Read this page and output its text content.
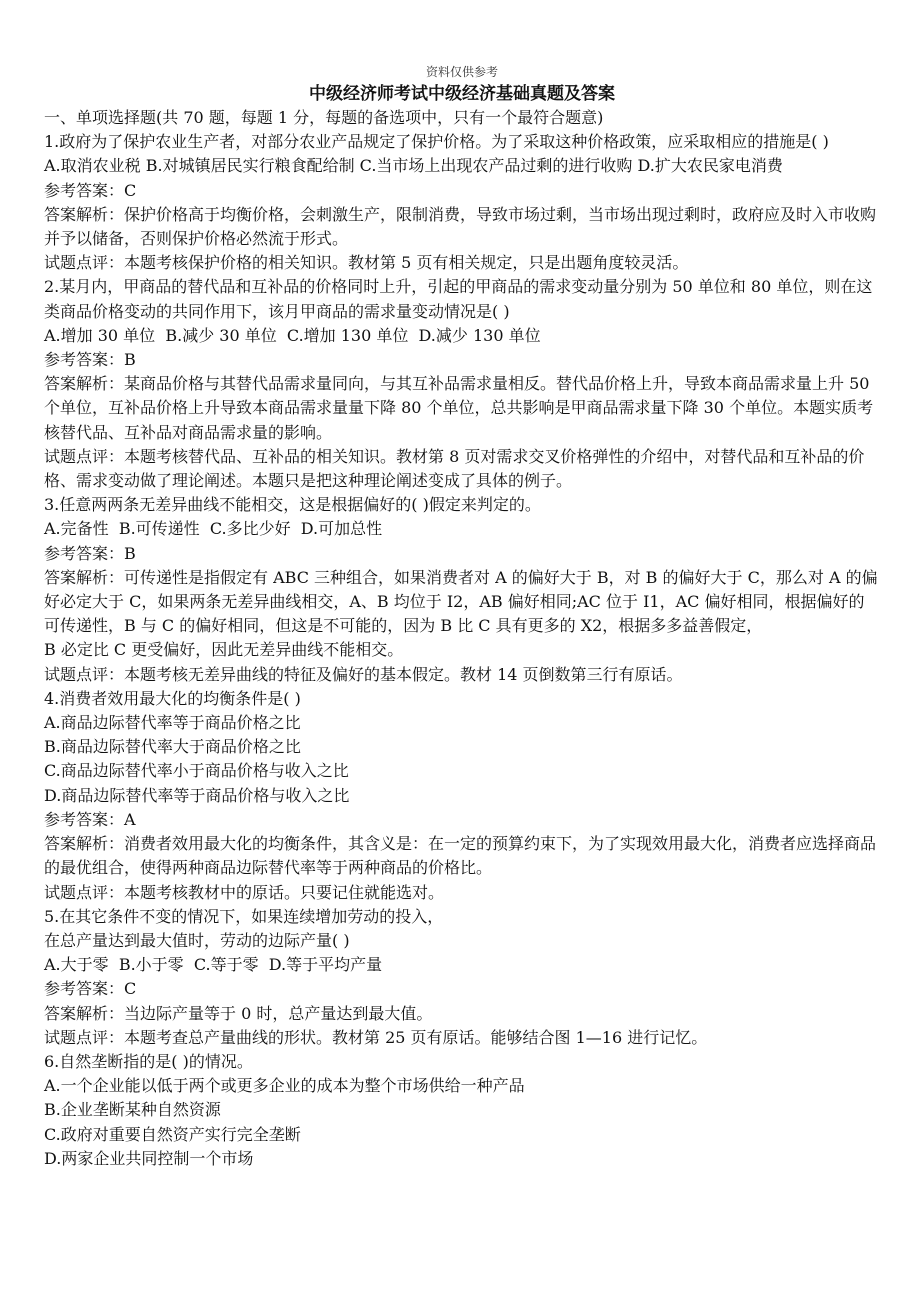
资料仅供参考
中级经济师考试中级经济基础真题及答案

一、单项选择题(共 70 题，每题 1 分，每题的备选项中，只有一个最符合题意)

1.政府为了保护农业生产者，对部分农业产品规定了保护价格。为了采取这种价格政策，应采取相应的措施是( )

A.取消农业税 B.对城镇居民实行粮食配给制 C.当市场上出现农产品过剩的进行收购 D.扩大农民家电消费

参考答案：C

答案解析：保护价格高于均衡价格，会刺激生产，限制消费，导致市场过剩，当市场出现过剩时，政府应及时入市收购并予以储备，否则保护价格必然流于形式。

试题点评：本题考核保护价格的相关知识。教材第 5 页有相关规定，只是出题角度较灵活。

2.某月内，甲商品的替代品和互补品的价格同时上升，引起的甲商品的需求变动量分别为 50 单位和 80 单位，则在这类商品价格变动的共同作用下，该月甲商品的需求量变动情况是( )

A.增加 30 单位  B.减少 30 单位  C.增加 130 单位  D.减少 130 单位

参考答案：B

答案解析：某商品价格与其替代品需求量同向，与其互补品需求量相反。替代品价格上升，导致本商品需求量上升 50 个单位，互补品价格上升导致本商品需求量量下降 80 个单位，总共影响是甲商品需求量下降 30 个单位。本题实质考核替代品、互补品对商品需求量的影响。

试题点评：本题考核替代品、互补品的相关知识。教材第 8 页对需求交叉价格弹性的介绍中，对替代品和互补品的价格、需求变动做了理论阐述。本题只是把这种理论阐述变成了具体的例子。

3.任意两两条无差异曲线不能相交，这是根据偏好的( )假定来判定的。

A.完备性  B.可传递性  C.多比少好  D.可加总性

参考答案：B

答案解析：可传递性是指假定有 ABC 三种组合，如果消费者对 A 的偏好大于 B，对 B 的偏好大于 C，那么对 A 的偏好必定大于 C，如果两条无差异曲线相交，A、B 均位于 I2，AB 偏好相同;AC 位于 I1，AC 偏好相同，根据偏好的可传递性，B 与 C 的偏好相同，但这是不可能的，因为 B 比 C 具有更多的 X2，根据多多益善假定，

B 必定比 C 更受偏好，因此无差异曲线不能相交。

试题点评：本题考核无差异曲线的特征及偏好的基本假定。教材 14 页倒数第三行有原话。

4.消费者效用最大化的均衡条件是( )

A.商品边际替代率等于商品价格之比

B.商品边际替代率大于商品价格之比

C.商品边际替代率小于商品价格与收入之比

D.商品边际替代率等于商品价格与收入之比

参考答案：A

答案解析：消费者效用最大化的均衡条件，其含义是：在一定的预算约束下，为了实现效用最大化，消费者应选择商品的最优组合，使得两种商品边际替代率等于两种商品的价格比。

试题点评：本题考核教材中的原话。只要记住就能选对。

5.在其它条件不变的情况下，如果连续增加劳动的投入，

在总产量达到最大值时，劳动的边际产量( )

A.大于零  B.小于零  C.等于零  D.等于平均产量

参考答案：C

答案解析：当边际产量等于 0 时，总产量达到最大值。

试题点评：本题考查总产量曲线的形状。教材第 25 页有原话。能够结合图 1—16 进行记忆。

6.自然垄断指的是( )的情况。

A.一个企业能以低于两个或更多企业的成本为整个市场供给一种产品

B.企业垄断某种自然资源

C.政府对重要自然资产实行完全垄断

D.两家企业共同控制一个市场
